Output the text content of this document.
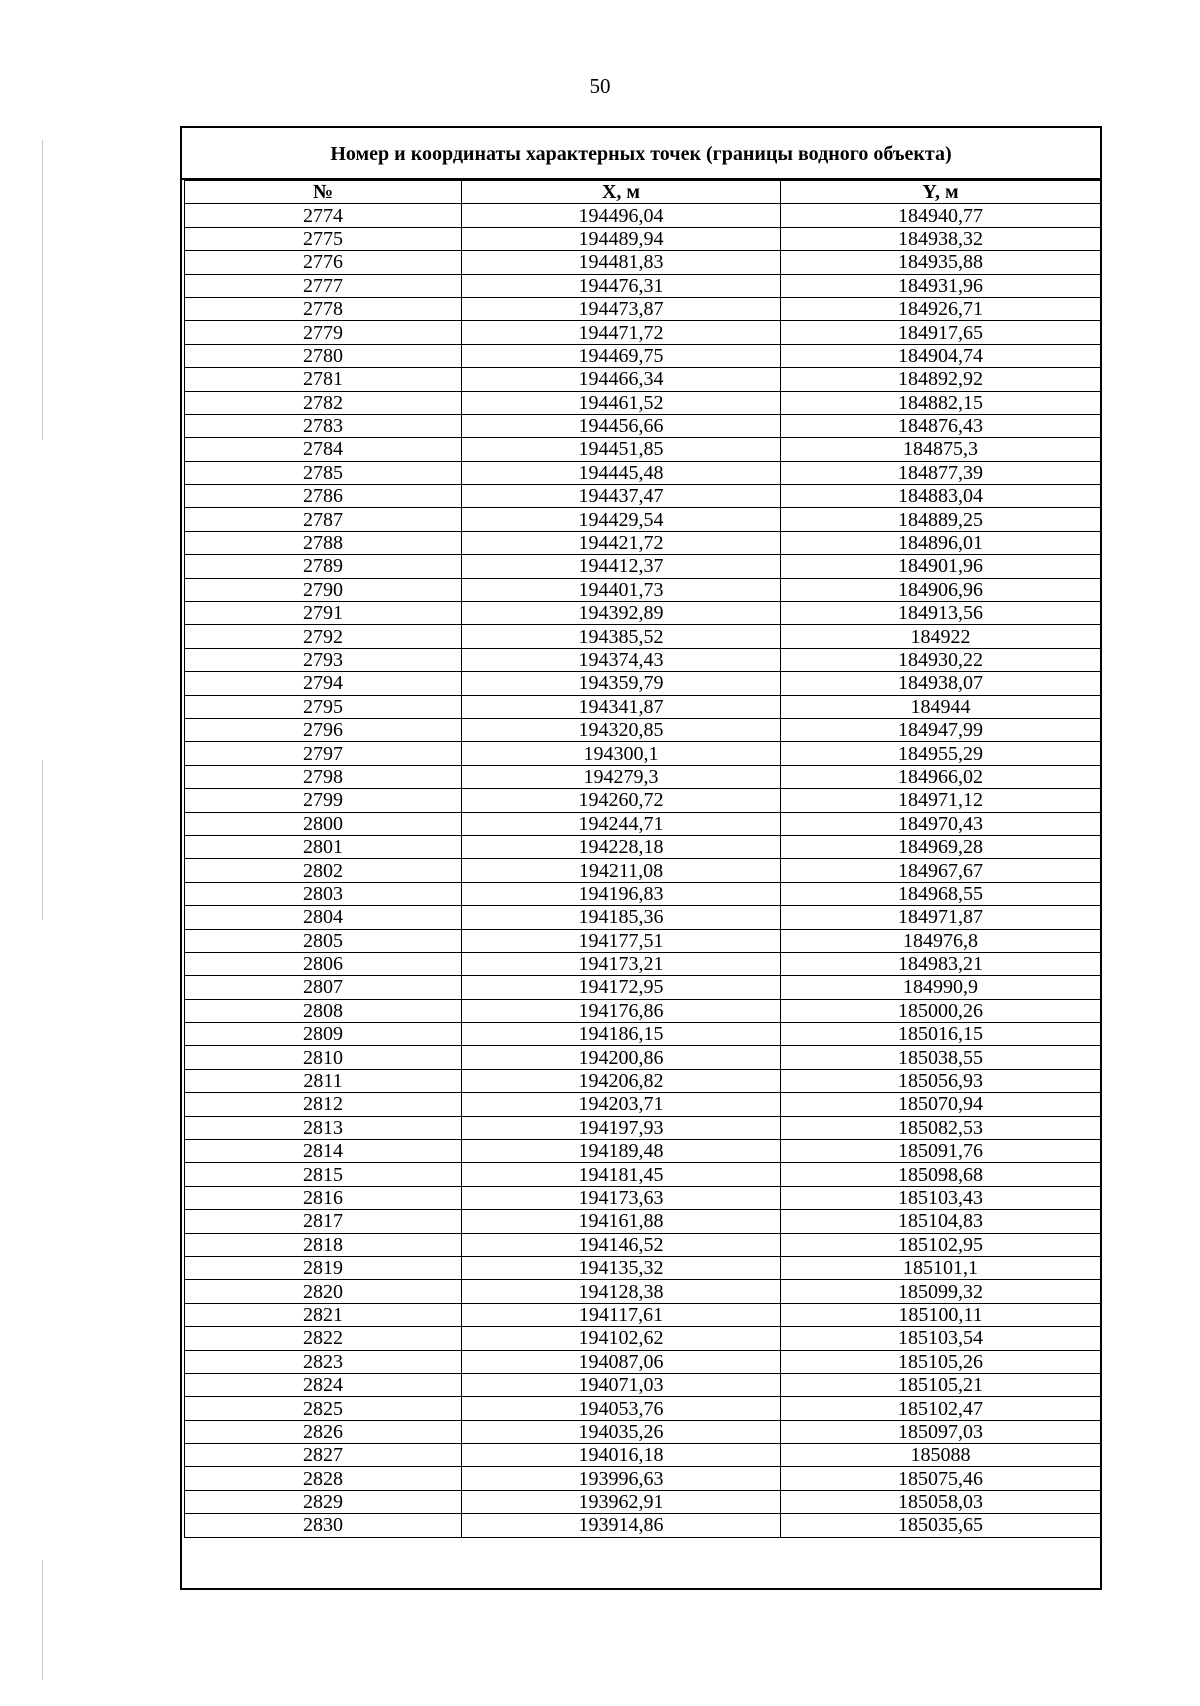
50
Номер и координаты характерных точек (границы водного объекта)
№	X, м	Y, м
2774	194496,04	184940,77
2775	194489,94	184938,32
2776	194481,83	184935,88
2777	194476,31	184931,96
2778	194473,87	184926,71
2779	194471,72	184917,65
2780	194469,75	184904,74
2781	194466,34	184892,92
2782	194461,52	184882,15
2783	194456,66	184876,43
2784	194451,85	184875,3
2785	194445,48	184877,39
2786	194437,47	184883,04
2787	194429,54	184889,25
2788	194421,72	184896,01
2789	194412,37	184901,96
2790	194401,73	184906,96
2791	194392,89	184913,56
2792	194385,52	184922
2793	194374,43	184930,22
2794	194359,79	184938,07
2795	194341,87	184944
2796	194320,85	184947,99
2797	194300,1	184955,29
2798	194279,3	184966,02
2799	194260,72	184971,12
2800	194244,71	184970,43
2801	194228,18	184969,28
2802	194211,08	184967,67
2803	194196,83	184968,55
2804	194185,36	184971,87
2805	194177,51	184976,8
2806	194173,21	184983,21
2807	194172,95	184990,9
2808	194176,86	185000,26
2809	194186,15	185016,15
2810	194200,86	185038,55
2811	194206,82	185056,93
2812	194203,71	185070,94
2813	194197,93	185082,53
2814	194189,48	185091,76
2815	194181,45	185098,68
2816	194173,63	185103,43
2817	194161,88	185104,83
2818	194146,52	185102,95
2819	194135,32	185101,1
2820	194128,38	185099,32
2821	194117,61	185100,11
2822	194102,62	185103,54
2823	194087,06	185105,26
2824	194071,03	185105,21
2825	194053,76	185102,47
2826	194035,26	185097,03
2827	194016,18	185088
2828	193996,63	185075,46
2829	193962,91	185058,03
2830	193914,86	185035,65
